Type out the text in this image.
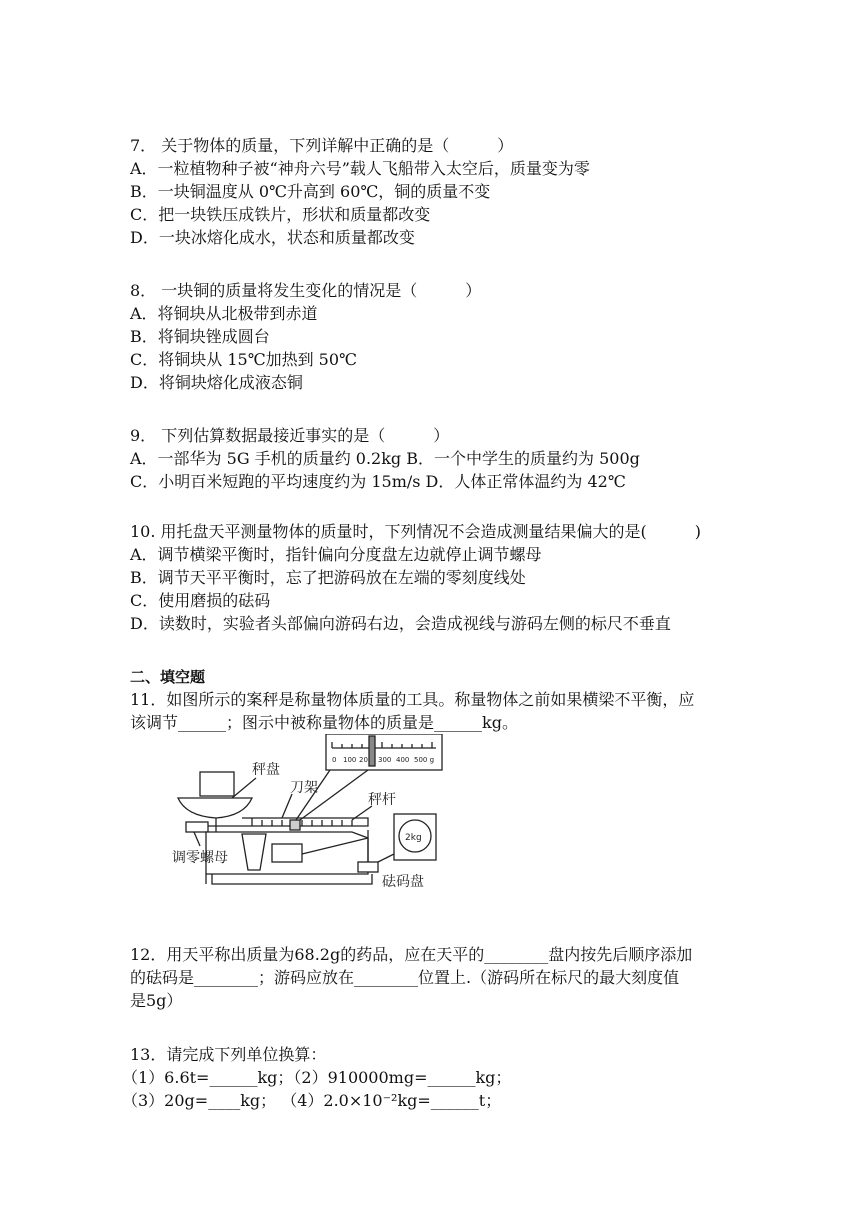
7． 关于物体的质量，下列详解中正确的是（　　　）
A．一粒植物种子被“神舟六号”载人飞船带入太空后，质量变为零
B．一块铜温度从 0℃升高到 60℃，铜的质量不变
C．把一块铁压成铁片，形状和质量都改变
D．一块冰熔化成水，状态和质量都改变
8． 一块铜的质量将发生变化的情况是（　　　）
A．将铜块从北极带到赤道
B．将铜块锉成圆台
C．将铜块从 15℃加热到 50℃
D．将铜块熔化成液态铜
9． 下列估算数据最接近事实的是（　　　）
A．一部华为 5G 手机的质量约 0.2kg B．一个中学生的质量约为 500g
C．小明百米短跑的平均速度约为 15m/s D．人体正常体温约为 42℃
10. 用托盘天平测量物体的质量时，下列情况不会造成测量结果偏大的是(　　　)
A．调节横梁平衡时，指针偏向分度盘左边就停止调节螺母
B．调节天平平衡时，忘了把游码放在左端的零刻度线处
C．使用磨损的砝码
D．读数时，实验者头部偏向游码右边，会造成视线与游码左侧的标尺不垂直
二、填空题
11．如图所示的案秤是称量物体质量的工具。称量物体之前如果横梁不平衡，应
该调节______；图示中被称量物体的质量是______kg。
0 100 20 300 400 500 g
秤盘
刀架
秤杆
调零螺母
砝码盘
2kg
12．用天平称出质量为68.2g的药品，应在天平的________盘内按先后顺序添加
的砝码是________；游码应放在________位置上.（游码所在标尺的最大刻度值
是5g）
13．请完成下列单位换算：
（1）6.6t=______kg；（2）910000mg=______kg；
（3）20g=____kg； （4）2.0×10⁻²kg=______t；
